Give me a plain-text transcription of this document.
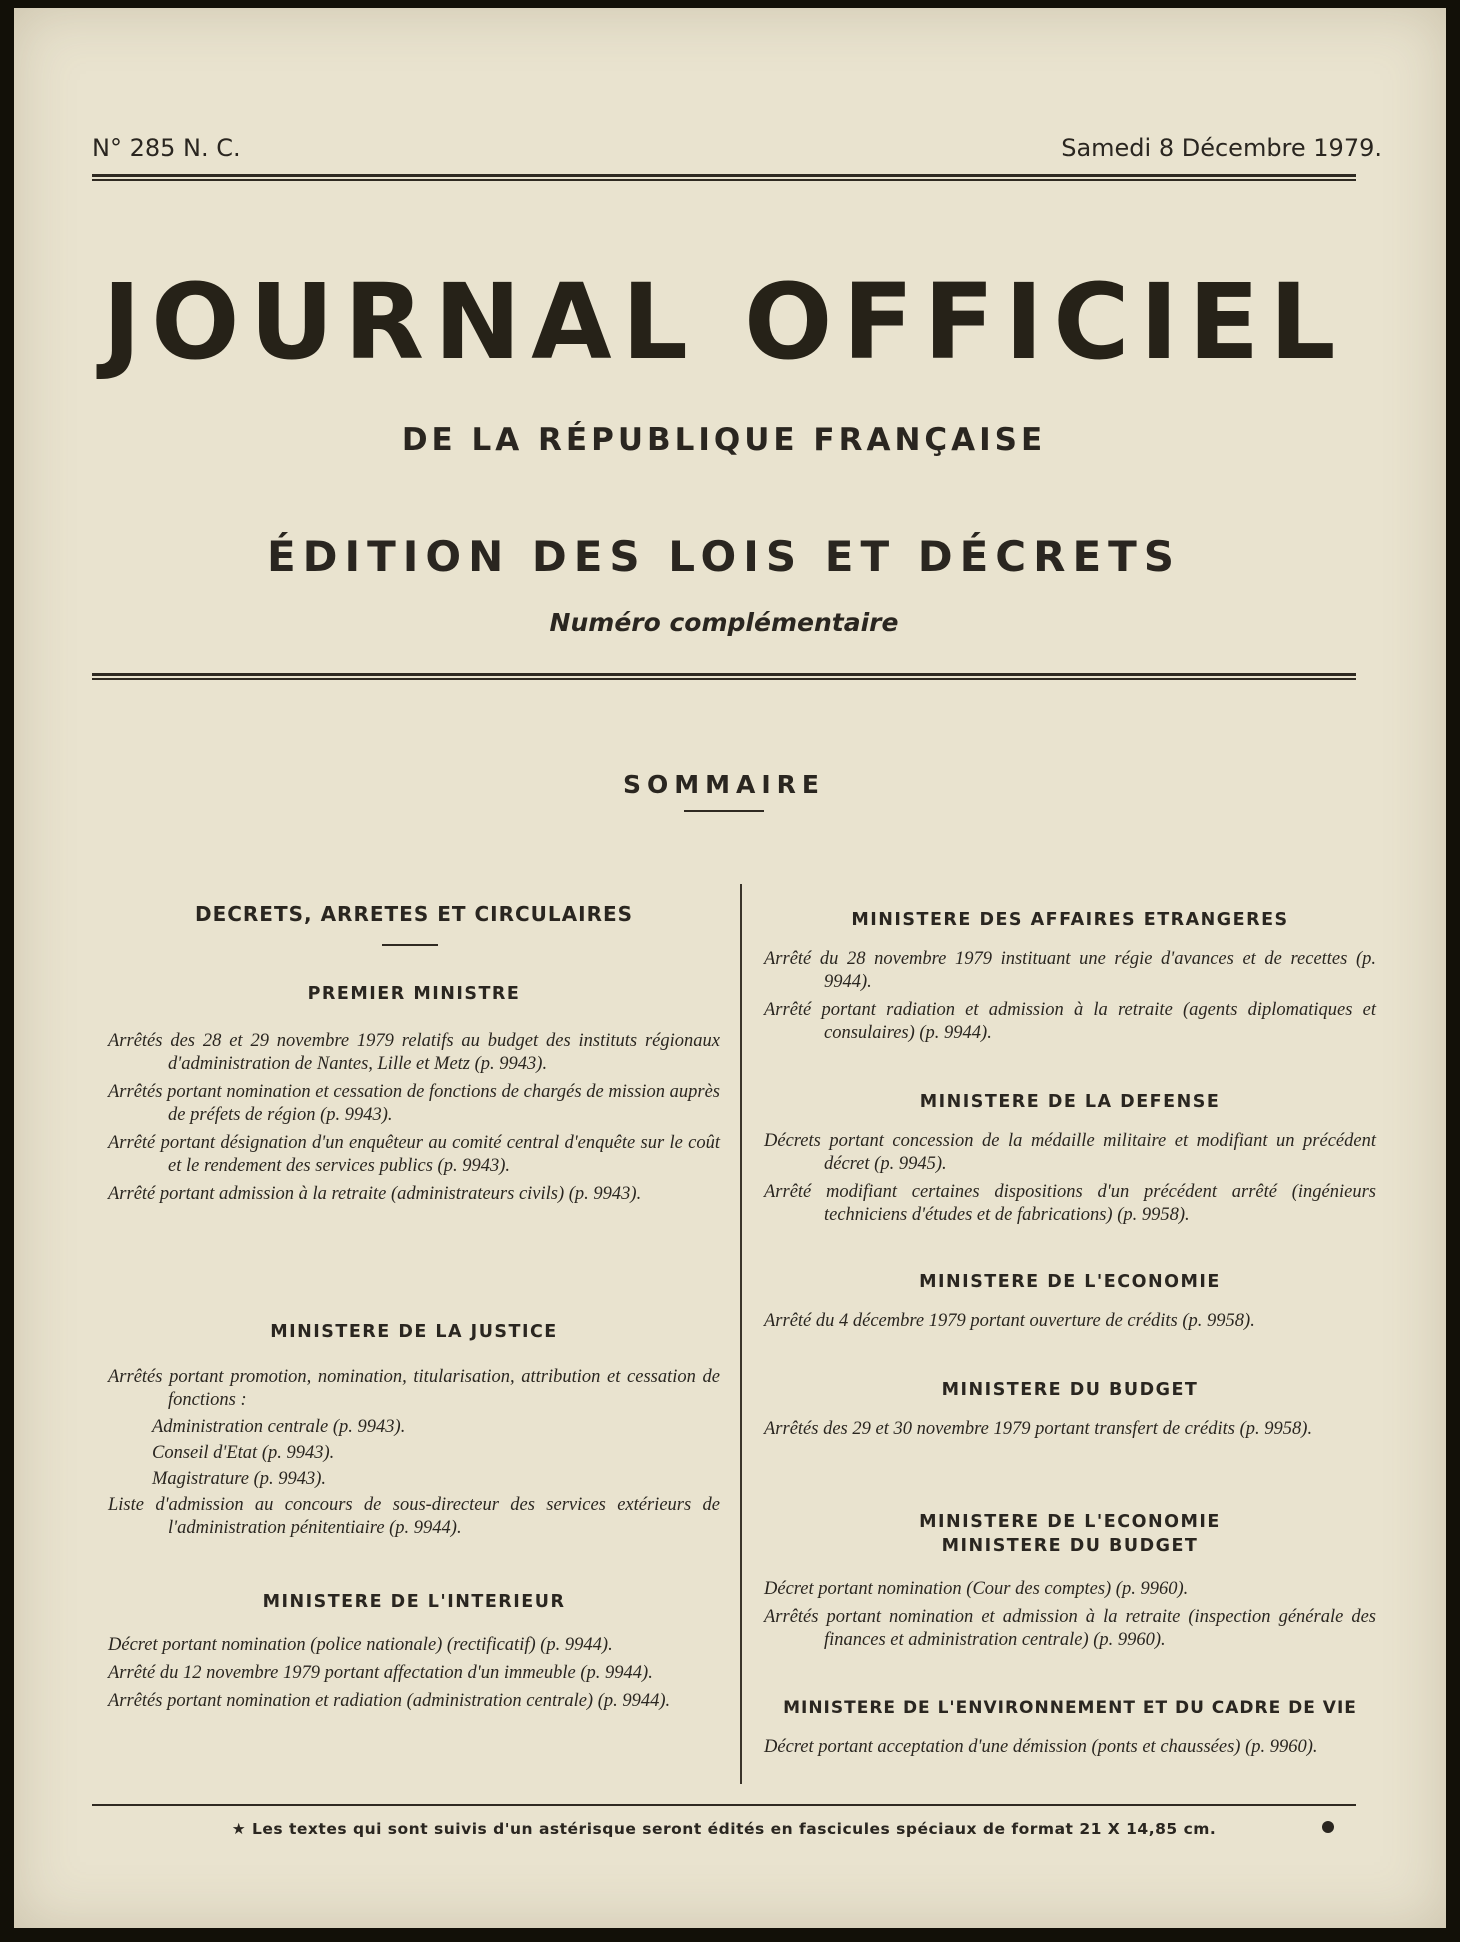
N° 285 N. C.	Samedi 8 Décembre 1979.
JOURNAL OFFICIEL
DE LA RÉPUBLIQUE FRANÇAISE
ÉDITION DES LOIS ET DÉCRETS
Numéro complémentaire
SOMMAIRE
DECRETS, ARRETES ET CIRCULAIRES
PREMIER MINISTRE

Arrêtés des 28 et 29 novembre 1979 relatifs au budget des instituts régionaux d'administration de Nantes, Lille et Metz (p. 9943).

Arrêtés portant nomination et cessation de fonctions de chargés de mission auprès de préfets de région (p. 9943).

Arrêté portant désignation d'un enquêteur au comité central d'enquête sur le coût et le rendement des services publics (p. 9943).

Arrêté portant admission à la retraite (administrateurs civils) (p. 9943).

MINISTERE DE LA JUSTICE

Arrêtés portant promotion, nomination, titularisation, attribution et cessation de fonctions :

Administration centrale (p. 9943).

Conseil d'Etat (p. 9943).

Magistrature (p. 9943).

Liste d'admission au concours de sous-directeur des services extérieurs de l'administration pénitentiaire (p. 9944).

MINISTERE DE L'INTERIEUR

Décret portant nomination (police nationale) (rectificatif) (p. 9944).

Arrêté du 12 novembre 1979 portant affectation d'un immeuble (p. 9944).

Arrêtés portant nomination et radiation (administration centrale) (p. 9944).

MINISTERE DES AFFAIRES ETRANGERES

Arrêté du 28 novembre 1979 instituant une régie d'avances et de recettes (p. 9944).

Arrêté portant radiation et admission à la retraite (agents diplomatiques et consulaires) (p. 9944).

MINISTERE DE LA DEFENSE

Décrets portant concession de la médaille militaire et modifiant un précédent décret (p. 9945).

Arrêté modifiant certaines dispositions d'un précédent arrêté (ingénieurs techniciens d'études et de fabrications) (p. 9958).

MINISTERE DE L'ECONOMIE

Arrêté du 4 décembre 1979 portant ouverture de crédits (p. 9958).

MINISTERE DU BUDGET

Arrêtés des 29 et 30 novembre 1979 portant transfert de crédits (p. 9958).

MINISTERE DE L'ECONOMIE
MINISTERE DU BUDGET

Décret portant nomination (Cour des comptes) (p. 9960).

Arrêtés portant nomination et admission à la retraite (inspection générale des finances et administration centrale) (p. 9960).

MINISTERE DE L'ENVIRONNEMENT ET DU CADRE DE VIE

Décret portant acceptation d'une démission (ponts et chaussées) (p. 9960).

★ Les textes qui sont suivis d'un astérisque seront édités en fascicules spéciaux de format 21 X 14,85 cm.
